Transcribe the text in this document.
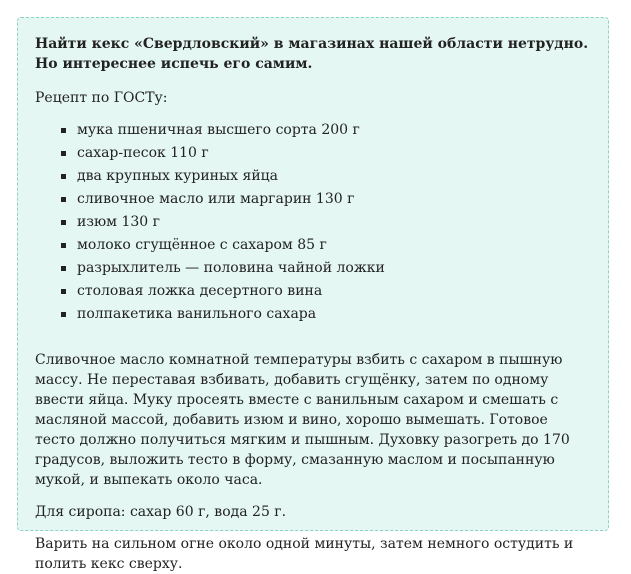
Найти кекс «Свердловский» в магазинах нашей области нетрудно. Но интереснее испечь его самим.

Рецепт по ГОСТу:

мука пшеничная высшего сорта 200 г
сахар-песок 110 г
два крупных куриных яйца
сливочное масло или маргарин 130 г
изюм 130 г
молоко сгущённое с сахаром 85 г
разрыхлитель — половина чайной ложки
столовая ложка десертного вина
полпакетика ванильного сахара

Сливочное масло комнатной температуры взбить с сахаром в пышную массу. Не переставая взбивать, добавить сгущёнку, затем по одному ввести яйца. Муку просеять вместе с ванильным сахаром и смешать с масляной массой, добавить изюм и вино, хорошо вымешать. Готовое тесто должно получиться мягким и пышным. Духовку разогреть до 170 градусов, выложить тесто в форму, смазанную маслом и посыпанную мукой, и выпекать около часа.

Для сиропа: сахар 60 г, вода 25 г.

Варить на сильном огне около одной минуты, затем немного остудить и полить кекс сверху.
